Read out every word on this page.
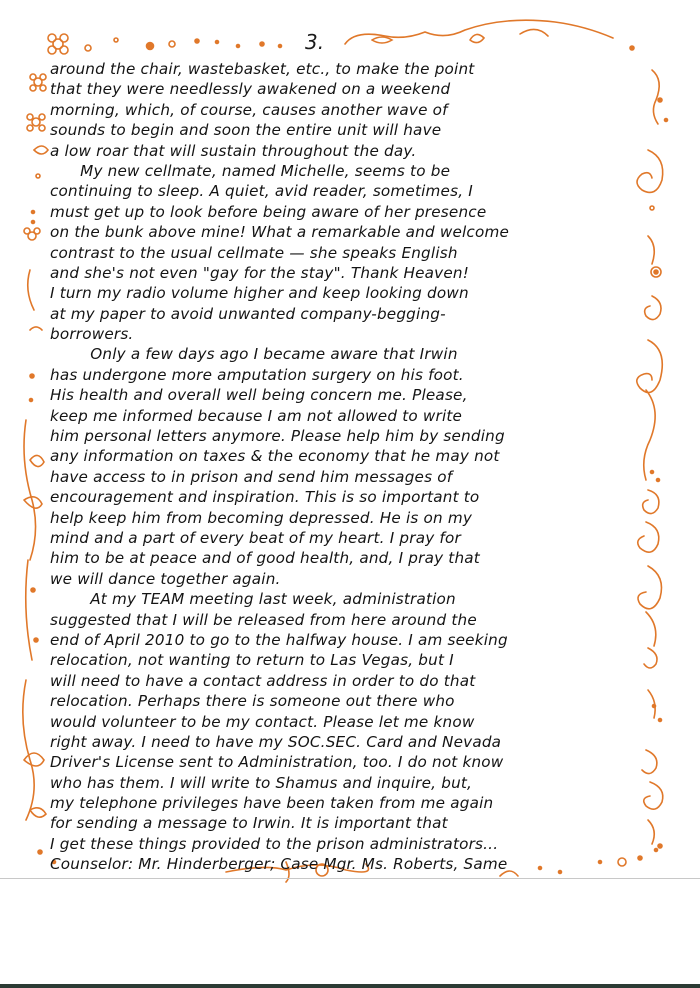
3.
around the chair, wastebasket, etc., to make the point
that they were needlessly awakened on a weekend
morning, which, of course, causes another wave of
sounds to begin and soon the entire unit will have
a low roar that will sustain throughout the day.
My new cellmate, named Michelle, seems to be
continuing to sleep. A quiet, avid reader, sometimes, I
must get up to look before being aware of her presence
on the bunk above mine! What a remarkable and welcome
contrast to the usual cellmate — she speaks English
and she's not even "gay for the stay". Thank Heaven!
I turn my radio volume higher and keep looking down
at my paper to avoid unwanted company-begging-
borrowers.
Only a few days ago I became aware that Irwin
has undergone more amputation surgery on his foot.
His health and overall well being concern me. Please,
keep me informed because I am not allowed to write
him personal letters anymore. Please help him by sending
any information on taxes & the economy that he may not
have access to in prison and send him messages of
encouragement and inspiration. This is so important to
help keep him from becoming depressed. He is on my
mind and a part of every beat of my heart. I pray for
him to be at peace and of good health, and, I pray that
we will dance together again.
At my TEAM meeting last week, administration
suggested that I will be released from here around the
end of April 2010 to go to the halfway house. I am seeking
relocation, not wanting to return to Las Vegas, but I
will need to have a contact address in order to do that
relocation. Perhaps there is someone out there who
would volunteer to be my contact. Please let me know
right away. I need to have my SOC.SEC. Card and Nevada
Driver's License sent to Administration, too. I do not know
who has them. I will write to Shamus and inquire, but,
my telephone privileges have been taken from me again
for sending a message to Irwin. It is important that
I get these things provided to the prison administrators...
Counselor: Mr. Hinderberger; Case Mgr. Ms. Roberts, Same
